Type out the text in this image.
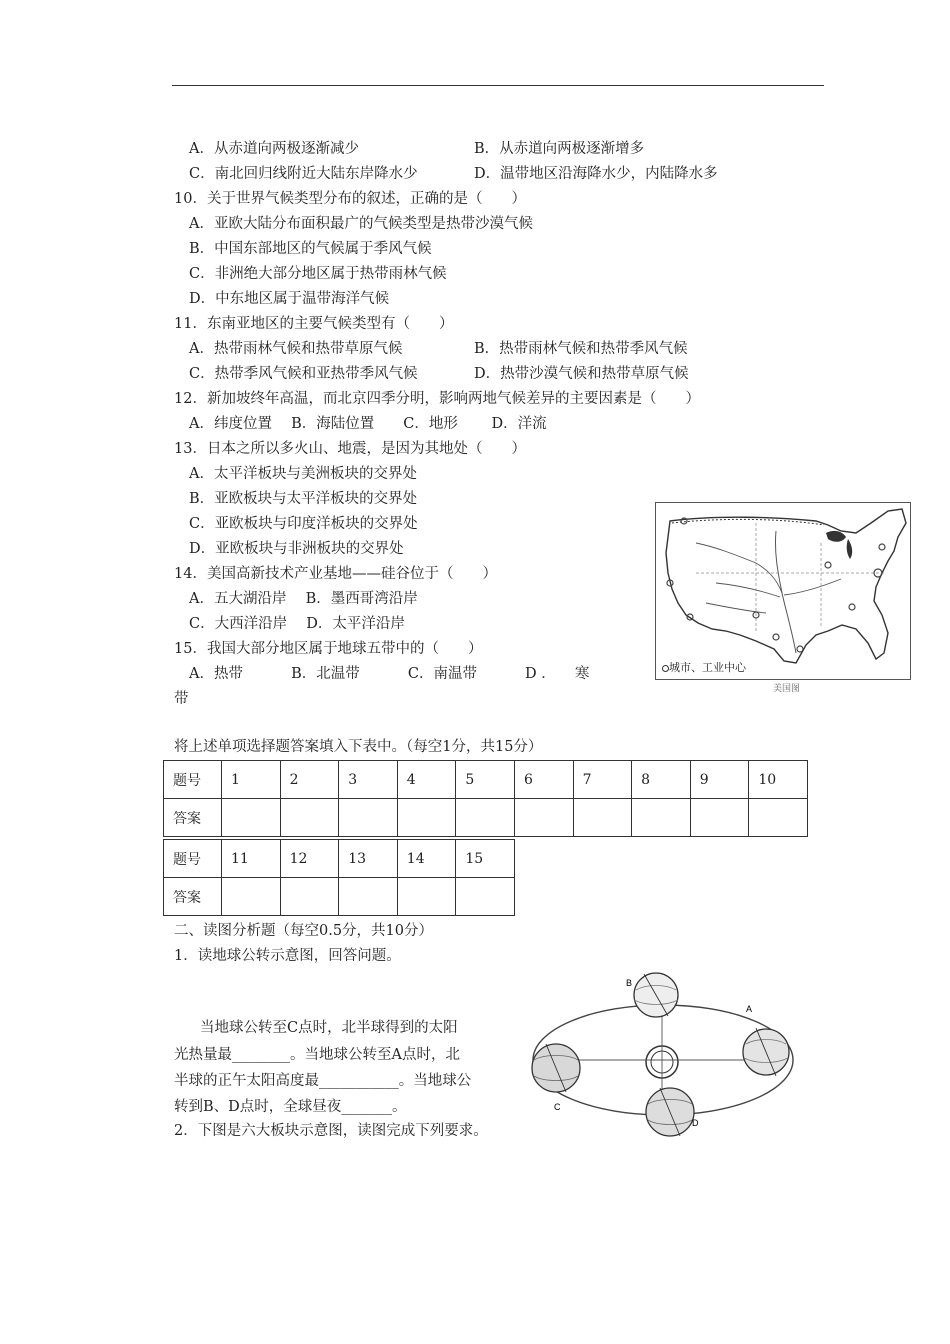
A．从赤道向两极逐渐减少	B．从赤道向两极逐渐增多
C．南北回归线附近大陆东岸降水少	D．温带地区沿海降水少，内陆降水多
10．关于世界气候类型分布的叙述，正确的是（　　）
A．亚欧大陆分布面积最广的气候类型是热带沙漠气候
B．中国东部地区的气候属于季风气候
C．非洲绝大部分地区属于热带雨林气候
D．中东地区属于温带海洋气候
11．东南亚地区的主要气候类型有（　　）
A．热带雨林气候和热带草原气候	B．热带雨林气候和热带季风气候
C．热带季风气候和亚热带季风气候	D．热带沙漠气候和热带草原气候
12．新加坡终年高温，而北京四季分明，影响两地气候差异的主要因素是（　　）
A．纬度位置　 B．海陆位置　　C．地形　　 D．洋流
13．日本之所以多火山、地震，是因为其地处（　　）
A．太平洋板块与美洲板块的交界处
B．亚欧板块与太平洋板块的交界处
C．亚欧板块与印度洋板块的交界处
D．亚欧板块与非洲板块的交界处
14．美国高新技术产业基地——硅谷位于（　　）
A．五大湖沿岸　 B．墨西哥湾沿岸
C．大西洋沿岸　 D．太平洋沿岸
15．我国大部分地区属于地球五带中的（　　）
A．热带　　　 B．北温带　　　 C．南温带　　　 D ． 　寒
带
城市、工业中心
美国图
将上述单项选择题答案填入下表中。（每空1分，共15分）
题号	1	2	3	4	5	6	7	8	9	10
答案										
题号	11	12	13	14	15
答案					
二、读图分析题（每空0.5分，共10分）
1．读地球公转示意图，回答问题。
当地球公转至C点时，北半球得到的太阳
光热量最________。当地球公转至A点时，北
半球的正午太阳高度最___________。当地球公
转到B、D点时，全球昼夜_______。
2．下图是六大板块示意图，读图完成下列要求。
B
A
C
D
